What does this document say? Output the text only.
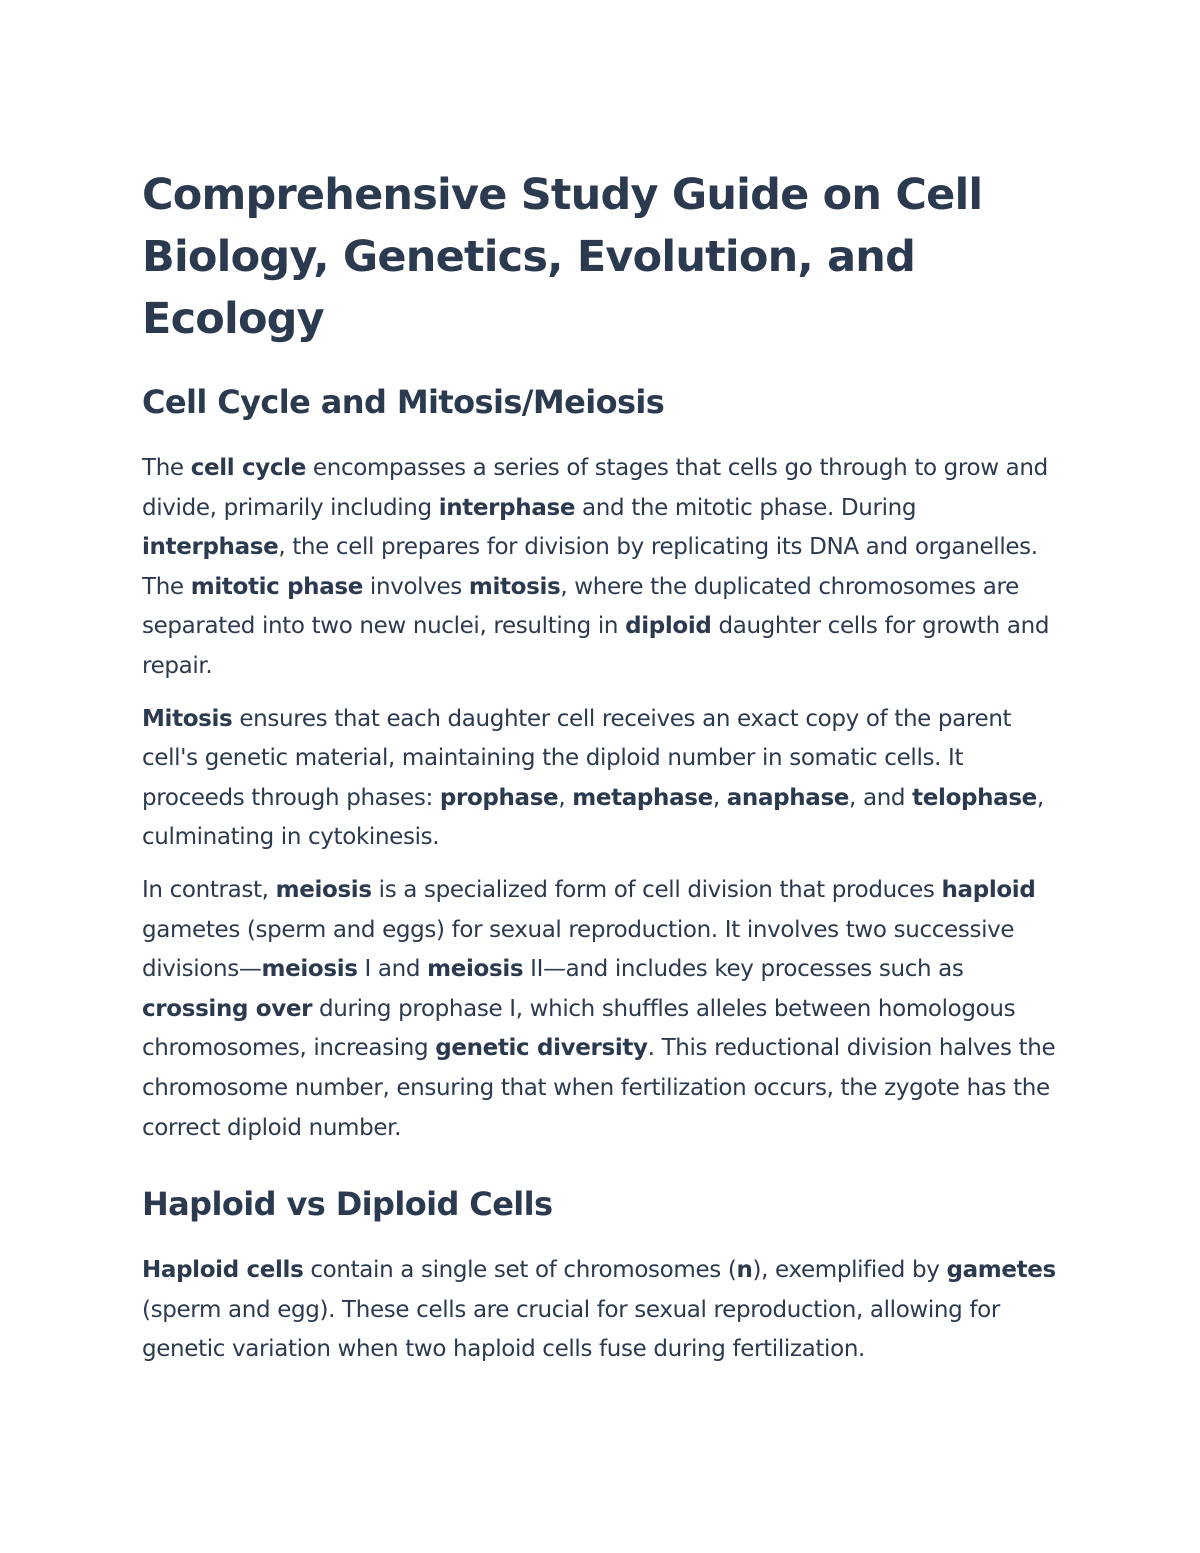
Comprehensive Study Guide on Cell Biology, Genetics, Evolution, and Ecology
Cell Cycle and Mitosis/Meiosis

The cell cycle encompasses a series of stages that cells go through to grow and divide, primarily including interphase and the mitotic phase. During interphase, the cell prepares for division by replicating its DNA and organelles. The mitotic phase involves mitosis, where the duplicated chromosomes are separated into two new nuclei, resulting in diploid daughter cells for growth and repair.

Mitosis ensures that each daughter cell receives an exact copy of the parent cell's genetic material, maintaining the diploid number in somatic cells. It proceeds through phases: prophase, metaphase, anaphase, and telophase, culminating in cytokinesis.

In contrast, meiosis is a specialized form of cell division that produces haploid gametes (sperm and eggs) for sexual reproduction. It involves two successive divisions—meiosis I and meiosis II—and includes key processes such as crossing over during prophase I, which shuffles alleles between homologous chromosomes, increasing genetic diversity. This reductional division halves the chromosome number, ensuring that when fertilization occurs, the zygote has the correct diploid number.

Haploid vs Diploid Cells

Haploid cells contain a single set of chromosomes (n), exemplified by gametes (sperm and egg). These cells are crucial for sexual reproduction, allowing for genetic variation when two haploid cells fuse during fertilization.
